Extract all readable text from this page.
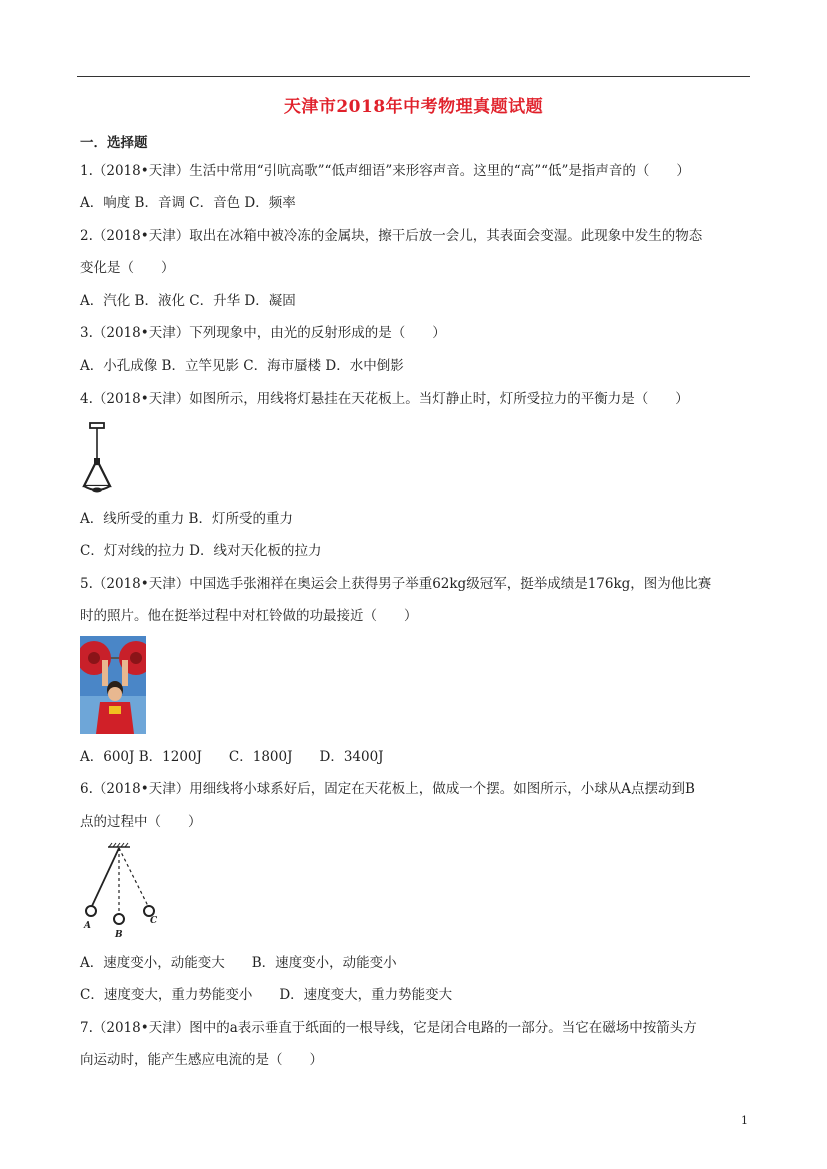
天津市2018年中考物理真题试题
一．选择题
1.（2018•天津）生活中常用“引吭高歌”“低声细语”来形容声音。这里的“高”“低”是指声音的（　　）
A．响度 B．音调 C．音色 D．频率
2.（2018•天津）取出在冰箱中被冷冻的金属块，擦干后放一会儿，其表面会变湿。此现象中发生的物态
变化是（　　）
A．汽化 B．液化 C．升华 D．凝固
3.（2018•天津）下列现象中，由光的反射形成的是（　　）
A．小孔成像 B．立竿见影 C．海市蜃楼 D．水中倒影
4.（2018•天津）如图所示，用线将灯悬挂在天花板上。当灯静止时，灯所受拉力的平衡力是（　　）
A．线所受的重力 B．灯所受的重力
C．灯对线的拉力 D．线对天化板的拉力
5.（2018•天津）中国选手张湘祥在奥运会上获得男子举重62kg级冠军，挺举成绩是176kg，图为他比赛
时的照片。他在挺举过程中对杠铃做的功最接近（　　）
A．600J B．1200J　　C．1800J　　D．3400J
6.（2018•天津）用细线将小球系好后，固定在天花板上，做成一个摆。如图所示，小球从A点摆动到B
点的过程中（　　）
A
B
C
A．速度变小，动能变大　　B．速度变小，动能变小
C．速度变大，重力势能变小　　D．速度变大，重力势能变大
7.（2018•天津）图中的a表示垂直于纸面的一根导线，它是闭合电路的一部分。当它在磁场中按箭头方
向运动时，能产生感应电流的是（　　）
1
